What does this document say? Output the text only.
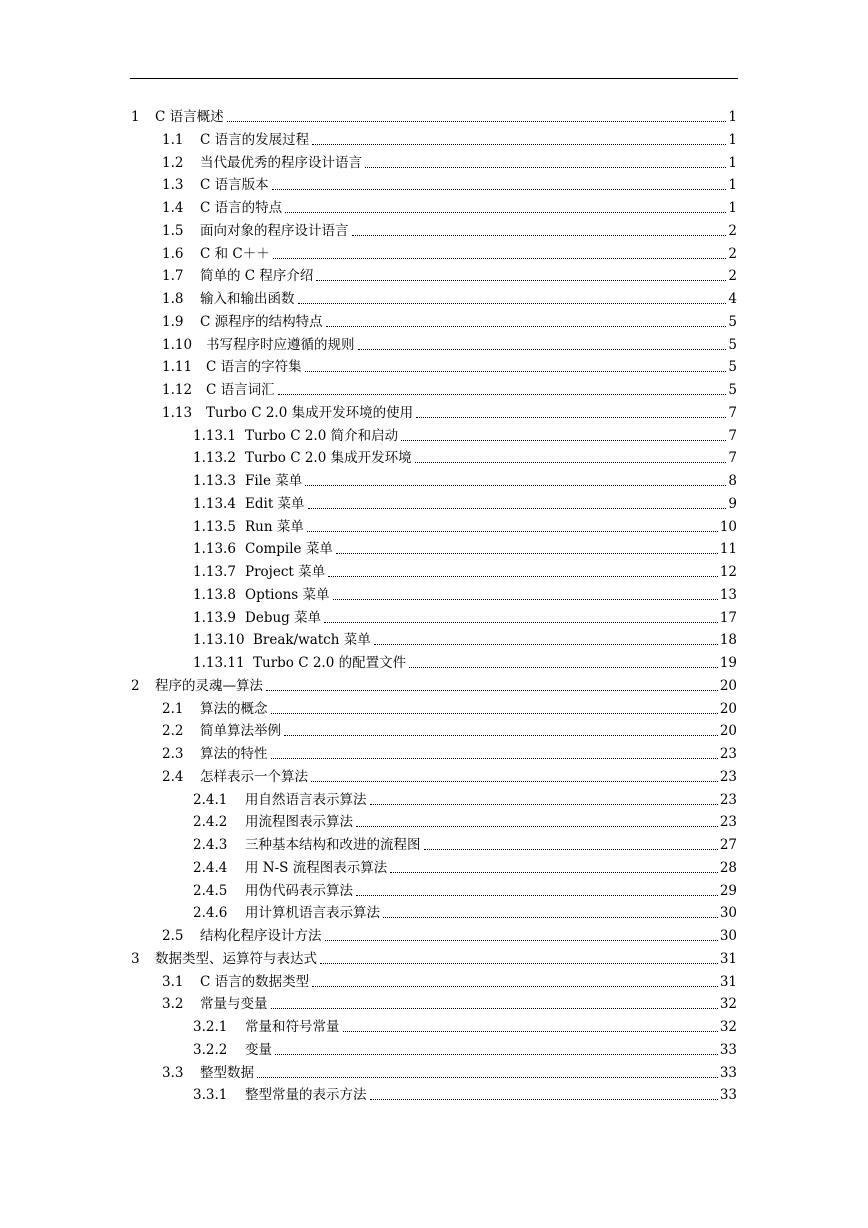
1	C 语言概述	1
1.1	C 语言的发展过程	1
1.2	当代最优秀的程序设计语言	1
1.3	C 语言版本	1
1.4	C 语言的特点	1
1.5	面向对象的程序设计语言	2
1.6	C 和 C＋＋	2
1.7	简单的 C 程序介绍	2
1.8	输入和输出函数	4
1.9	C 源程序的结构特点	5
1.10	书写程序时应遵循的规则	5
1.11	C 语言的字符集	5
1.12	C 语言词汇	5
1.13	Turbo C 2.0 集成开发环境的使用	7
1.13.1 Turbo C 2.0 简介和启动	7
1.13.2 Turbo C 2.0 集成开发环境	7
1.13.3 File 菜单	8
1.13.4 Edit 菜单	9
1.13.5 Run 菜单	10
1.13.6 Compile 菜单	11
1.13.7 Project 菜单	12
1.13.8 Options 菜单	13
1.13.9 Debug 菜单	17
1.13.10 Break/watch 菜单	18
1.13.11 Turbo C 2.0 的配置文件	19
2	程序的灵魂—算法	20
2.1	算法的概念	20
2.2	简单算法举例	20
2.3	算法的特性	23
2.4	怎样表示一个算法	23
2.4.1	用自然语言表示算法	23
2.4.2	用流程图表示算法	23
2.4.3	三种基本结构和改进的流程图	27
2.4.4	用 N-S 流程图表示算法	28
2.4.5	用伪代码表示算法	29
2.4.6	用计算机语言表示算法	30
2.5	结构化程序设计方法	30
3	数据类型、运算符与表达式	31
3.1	C 语言的数据类型	31
3.2	常量与变量	32
3.2.1	常量和符号常量	32
3.2.2	变量	33
3.3	整型数据	33
3.3.1	整型常量的表示方法	33
